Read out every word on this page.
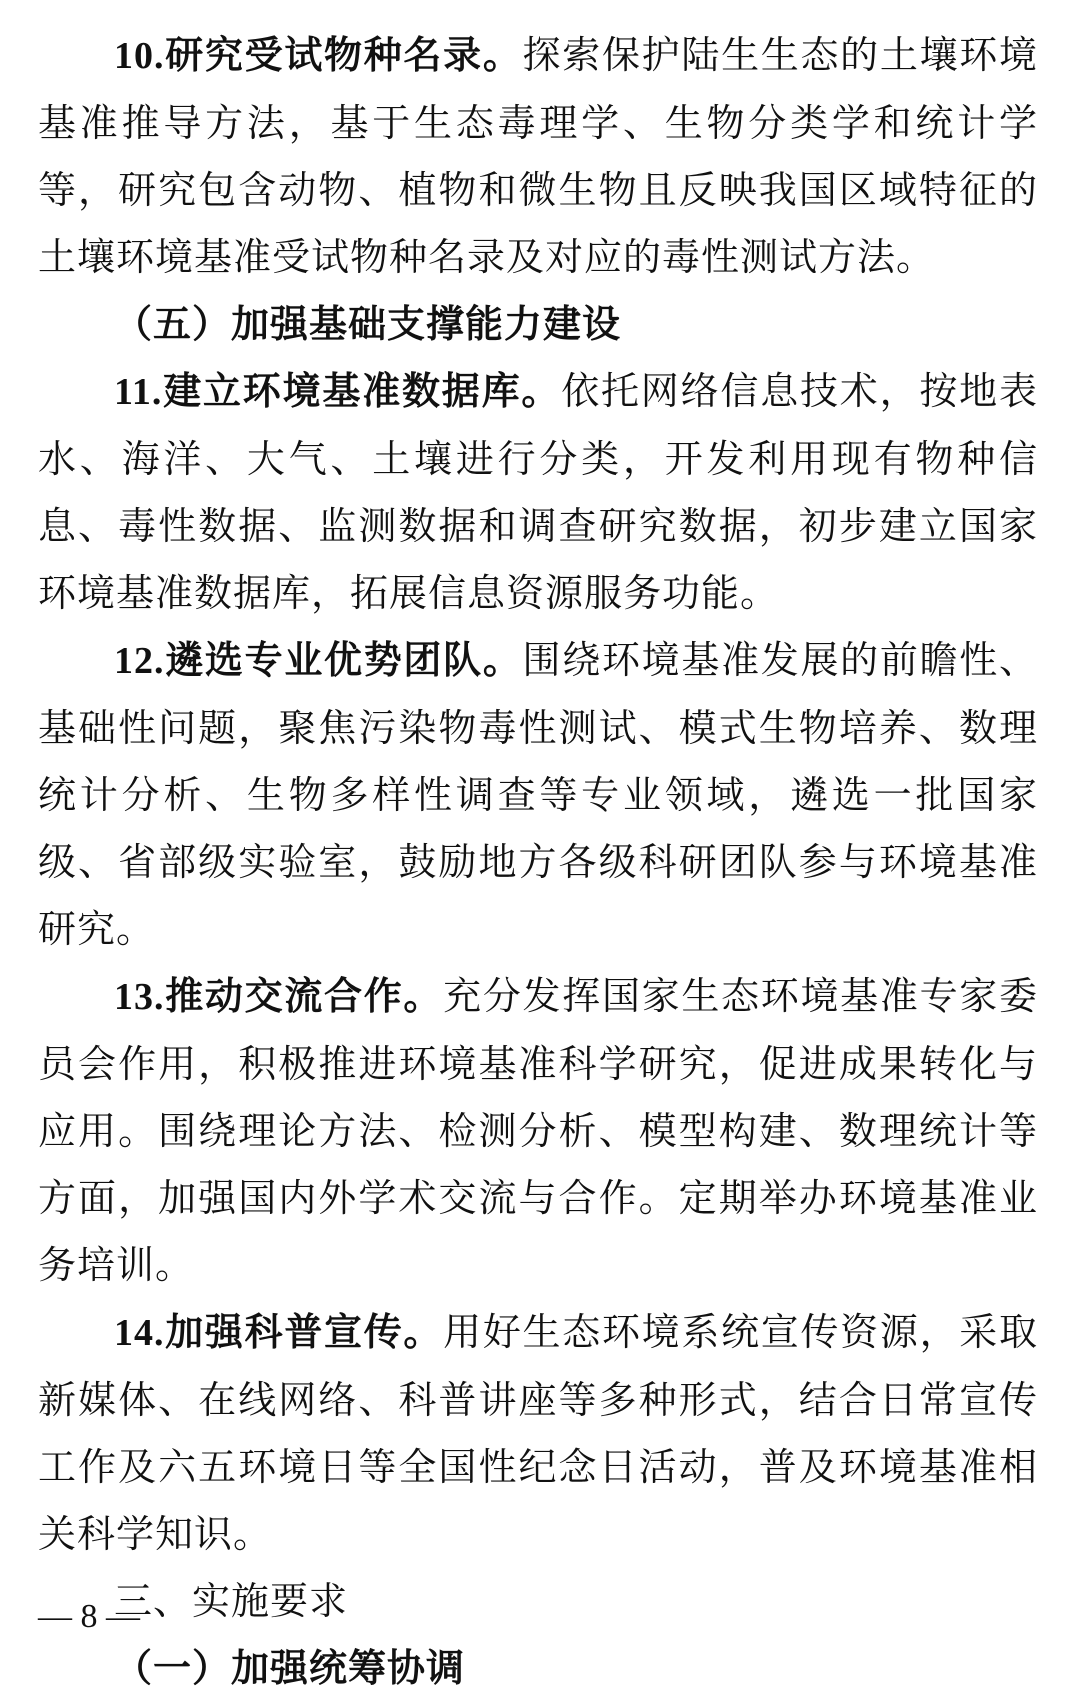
10.研究受试物种名录。探索保护陆生生态的土壤环境基准推导方法，基于生态毒理学、生物分类学和统计学等，研究包含动物、植物和微生物且反映我国区域特征的土壤环境基准受试物种名录及对应的毒性测试方法。

（五）加强基础支撑能力建设

11.建立环境基准数据库。依托网络信息技术，按地表水、海洋、大气、土壤进行分类，开发利用现有物种信息、毒性数据、监测数据和调查研究数据，初步建立国家环境基准数据库，拓展信息资源服务功能。

12.遴选专业优势团队。围绕环境基准发展的前瞻性、基础性问题，聚焦污染物毒性测试、模式生物培养、数理统计分析、生物多样性调查等专业领域，遴选一批国家级、省部级实验室，鼓励地方各级科研团队参与环境基准研究。

13.推动交流合作。充分发挥国家生态环境基准专家委员会作用，积极推进环境基准科学研究，促进成果转化与应用。围绕理论方法、检测分析、模型构建、数理统计等方面，加强国内外学术交流与合作。定期举办环境基准业务培训。

14.加强科普宣传。用好生态环境系统宣传资源，采取新媒体、在线网络、科普讲座等多种形式，结合日常宣传工作及六五环境日等全国性纪念日活动，普及环境基准相关科学知识。

三、实施要求

（一）加强统筹协调

— 8 —
